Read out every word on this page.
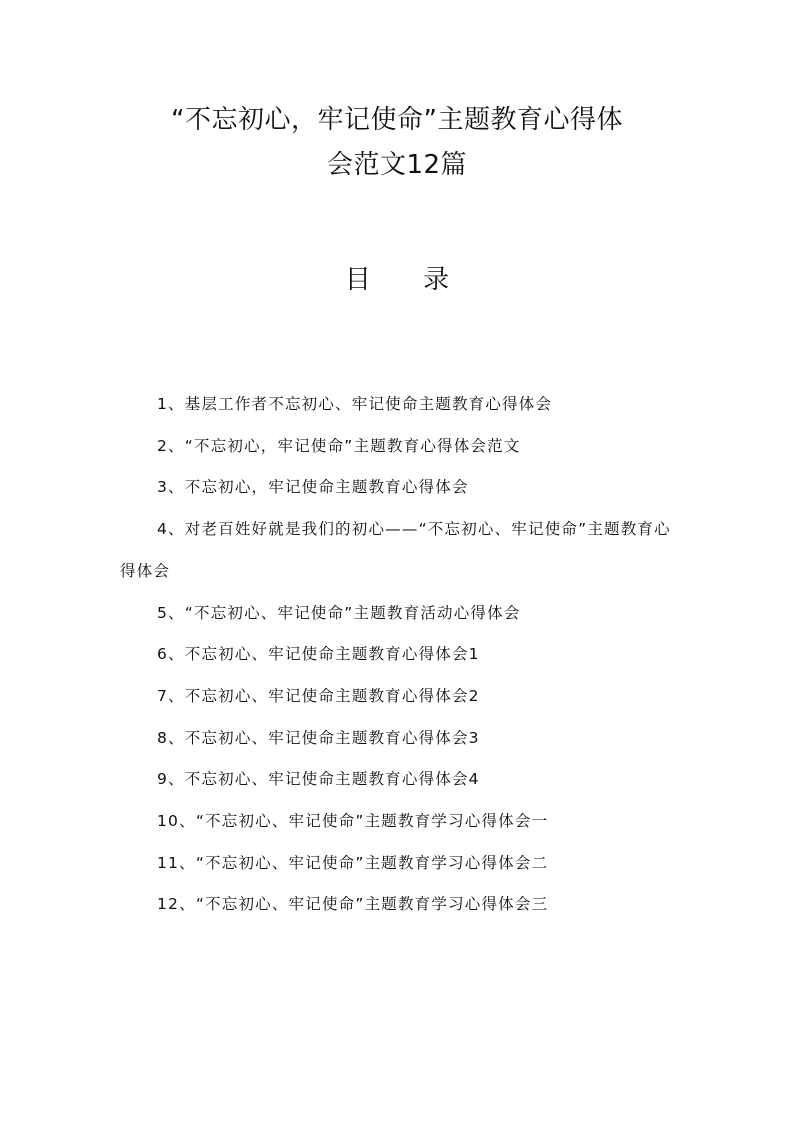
“不忘初心，牢记使命”主题教育心得体
会范文12篇
目 录
1、基层工作者不忘初心、牢记使命主题教育心得体会
2、“不忘初心，牢记使命”主题教育心得体会范文
3、不忘初心，牢记使命主题教育心得体会
4、对老百姓好就是我们的初心——“不忘初心、牢记使命”主题教育心得体会
5、“不忘初心、牢记使命”主题教育活动心得体会
6、不忘初心、牢记使命主题教育心得体会1
7、不忘初心、牢记使命主题教育心得体会2
8、不忘初心、牢记使命主题教育心得体会3
9、不忘初心、牢记使命主题教育心得体会4
10、“不忘初心、牢记使命”主题教育学习心得体会一
11、“不忘初心、牢记使命”主题教育学习心得体会二
12、“不忘初心、牢记使命”主题教育学习心得体会三
